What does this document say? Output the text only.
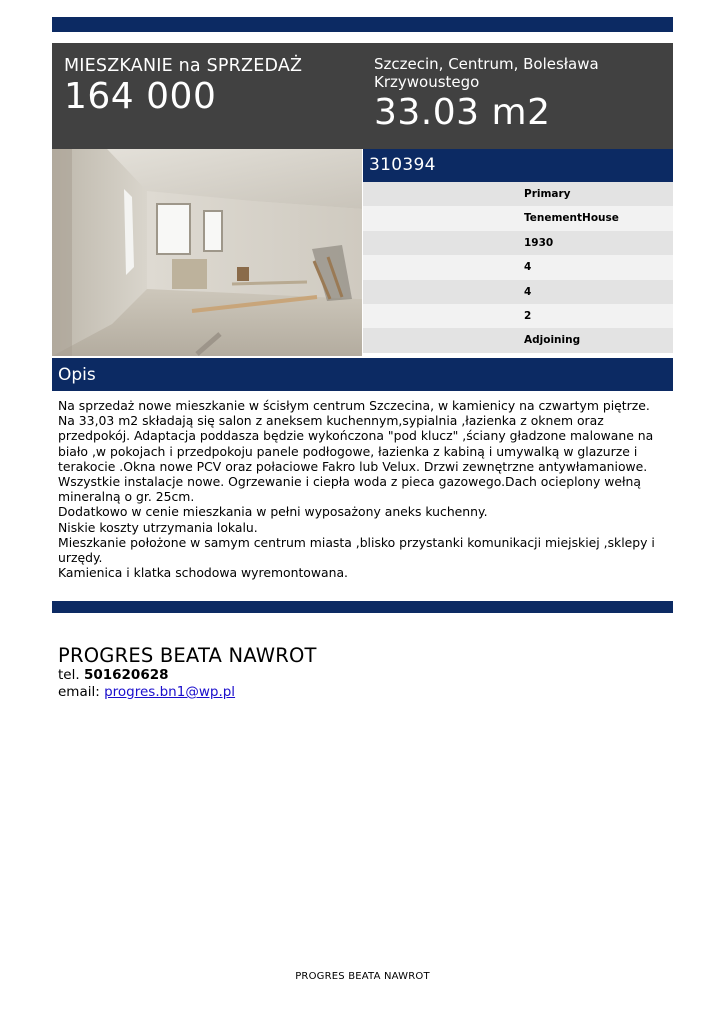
MIESZKANIE na SPRZEDAŻ
164 000
Szczecin, Centrum, Bolesława Krzywoustego
33.03 m2
310394
Primary
TenementHouse
1930
4
4
2
Adjoining
Opis

Na sprzedaż nowe mieszkanie w ścisłym centrum Szczecina, w kamienicy na czwartym piętrze. Na 33,03 m2 składają się salon z aneksem kuchennym,sypialnia ,łazienka z oknem oraz przedpokój. Adaptacja poddasza będzie wykończona "pod klucz" ,ściany gładzone malowane na biało ,w pokojach i przedpokoju panele podłogowe, łazienka z kabiną i umywalką w glazurze i terakocie .Okna nowe PCV oraz połaciowe Fakro lub Velux. Drzwi zewnętrzne antywłamaniowe. Wszystkie instalacje nowe. Ogrzewanie i ciepła woda z pieca gazowego.Dach ocieplony wełną mineralną o gr. 25cm.

Dodatkowo w cenie mieszkania w pełni wyposażony aneks kuchenny.

Niskie koszty utrzymania lokalu.

Mieszkanie położone w samym centrum miasta ,blisko przystanki komunikacji miejskiej ,sklepy i urzędy.

Kamienica i klatka schodowa wyremontowana.

PROGRES BEATA NAWROT
tel. 501620628
email: progres.bn1@wp.pl
PROGRES BEATA NAWROT
